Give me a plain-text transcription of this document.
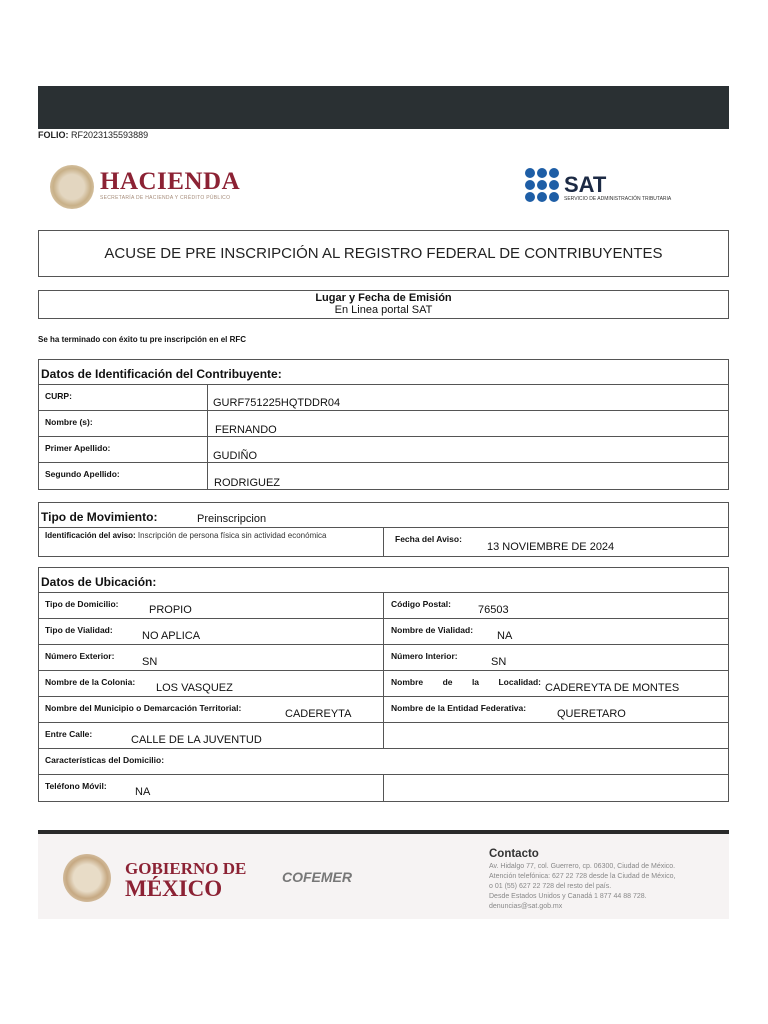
FOLIO: RF2023135593889
HACIENDA
SECRETARÍA DE HACIENDA Y CRÉDITO PÚBLICO
SAT
SERVICIO DE ADMINISTRACIÓN TRIBUTARIA
ACUSE DE PRE INSCRIPCIÓN AL REGISTRO FEDERAL DE CONTRIBUYENTES
Lugar y Fecha de Emisión
En Linea portal SAT
Se ha terminado con éxito tu pre inscripción en el RFC
Datos de Identificación del Contribuyente:
CURP:
GURF751225HQTDDR04
Nombre (s):
FERNANDO
Primer Apellido:
GUDIÑO
Segundo Apellido:
RODRIGUEZ
Tipo de Movimiento:	Preinscripcion
Identificación del aviso: Inscripción de persona física sin actividad económica	Fecha del Aviso:
13 NOVIEMBRE DE 2024
Datos de Ubicación:
Tipo de Domicilio:	PROPIO	Código Postal: 76503
Tipo de Vialidad:	NO APLICA	Nombre de Vialidad: NA
Número Exterior:	SN	Número Interior:	SN
Nombre de la Colonia: LOS VASQUEZ	Nombre de la Localidad: CADEREYTA DE MONTES
Nombre del Municipio o Demarcación Territorial:	CADEREYTA	Nombre de la Entidad Federativa:	QUERETARO
Entre Calle:	CALLE DE LA JUVENTUD
Características del Domicilio:
Teléfono Móvil:	NA
GOBIERNO DE
MÉXICO	COFEMER
Contacto
Av. Hidalgo 77, col. Guerrero, cp. 06300, Ciudad de México.
Atención telefónica: 627 22 728 desde la Ciudad de México,
o 01 (55) 627 22 728 del resto del país.
Desde Estados Unidos y Canadá 1 877 44 88 728.
denuncias@sat.gob.mx
